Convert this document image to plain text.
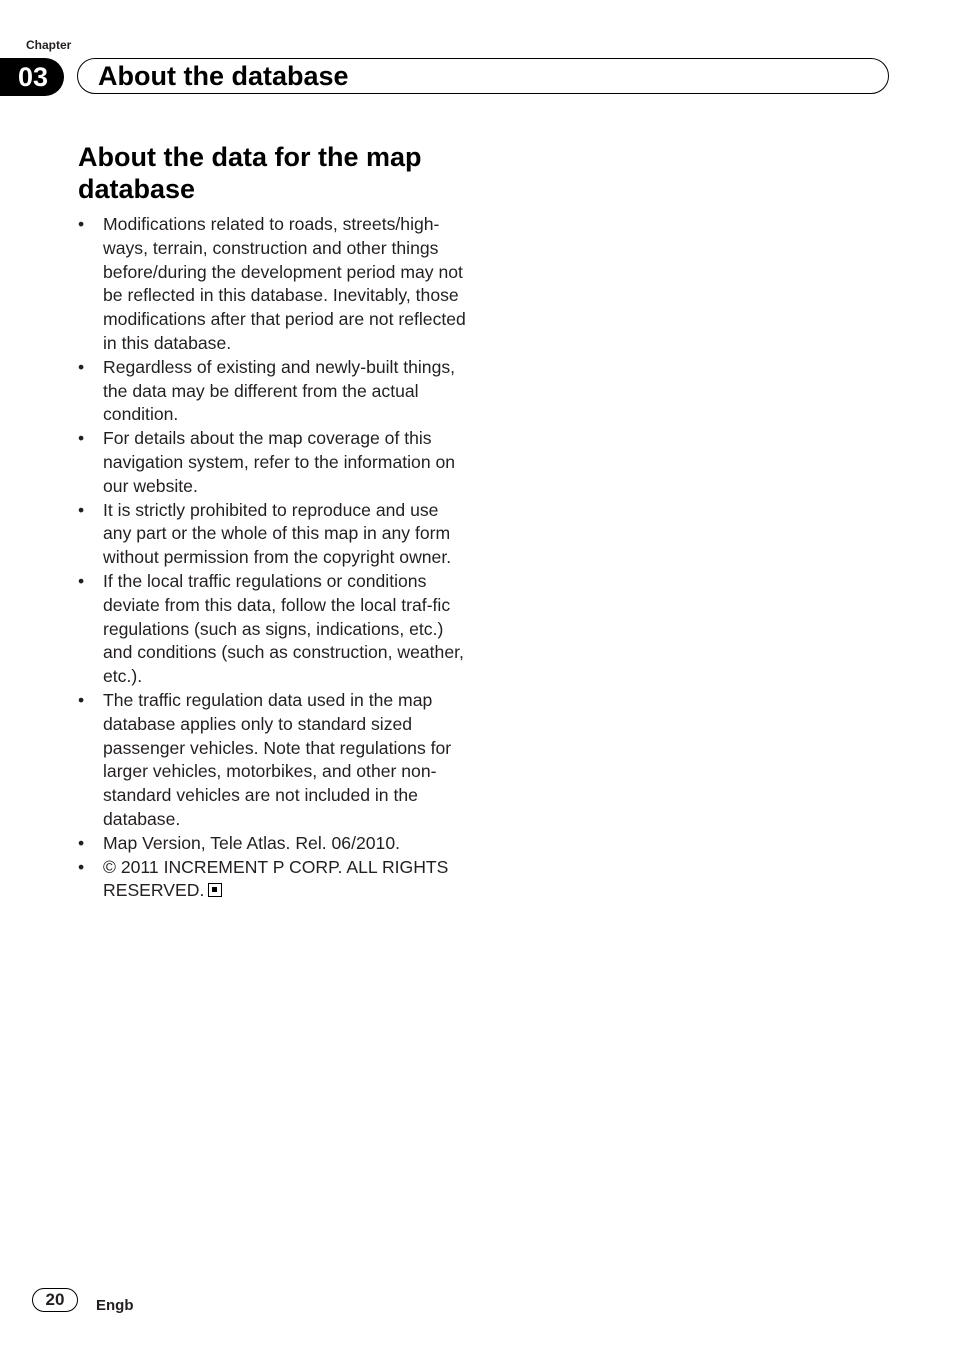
Chapter
03	About the database
About the data for the map database
• Modifications related to roads, streets/high-ways, terrain, construction and other things before/during the development period may not be reflected in this database. Inevitably, those modifications after that period are not reflected in this database.
• Regardless of existing and newly-built things, the data may be different from the actual condition.
• For details about the map coverage of this navigation system, refer to the information on our website.
• It is strictly prohibited to reproduce and use any part or the whole of this map in any form without permission from the copyright owner.
• If the local traffic regulations or conditions deviate from this data, follow the local traf-fic regulations (such as signs, indications, etc.) and conditions (such as construction, weather, etc.).
• The traffic regulation data used in the map database applies only to standard sized passenger vehicles. Note that regulations for larger vehicles, motorbikes, and other non-standard vehicles are not included in the database.
• Map Version, Tele Atlas. Rel. 06/2010.
• © 2011 INCREMENT P CORP. ALL RIGHTS RESERVED.
20	Engb
